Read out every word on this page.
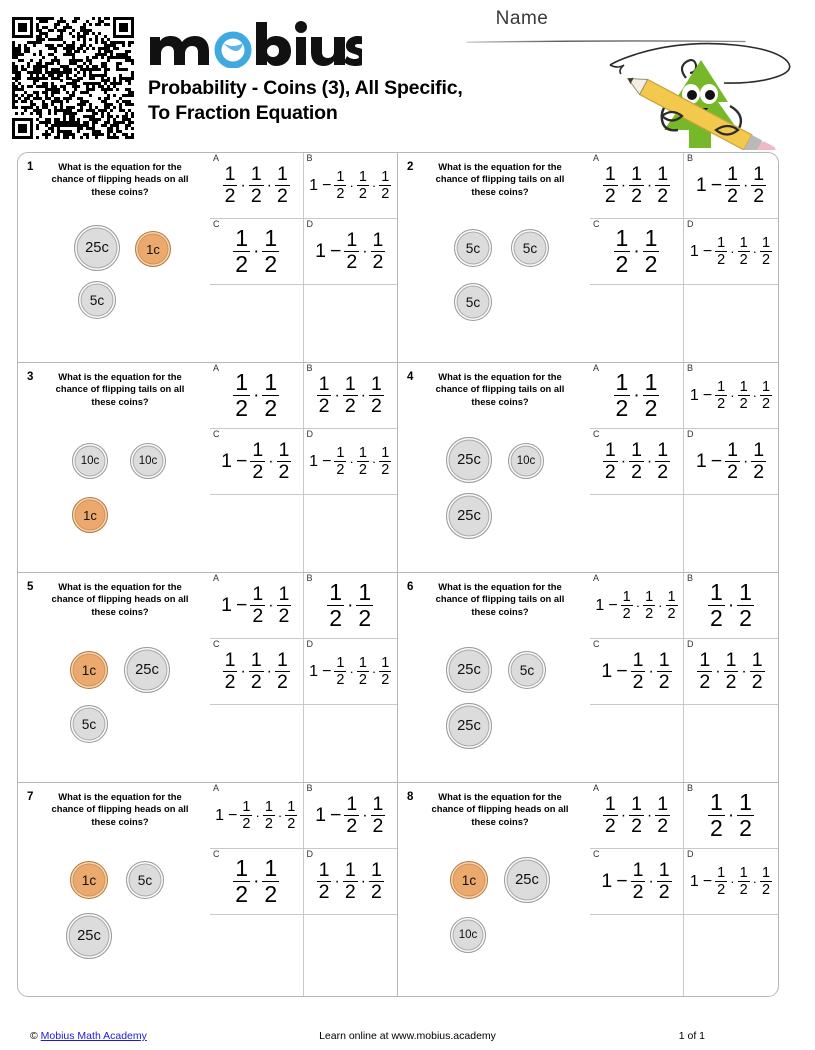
Probability - Coins (3), All Specific, To Fraction Equation
Name
1	What is the equation for the chance of flipping heads on all these coins?
25c	1c
5c
A
$\frac{1}{2} \cdot \frac{1}{2} \cdot \frac{1}{2}$
B
$1 - \frac{1}{2} \cdot \frac{1}{2} \cdot \frac{1}{2}$
C
$\frac{1}{2} \cdot \frac{1}{2}$
D
$1 - \frac{1}{2} \cdot \frac{1}{2}$
2	What is the equation for the chance of flipping tails on all these coins?
5c	5c
5c
A
$\frac{1}{2} \cdot \frac{1}{2} \cdot \frac{1}{2}$
B
$1 - \frac{1}{2} \cdot \frac{1}{2}$
C
$\frac{1}{2} \cdot \frac{1}{2}$
D
$1 - \frac{1}{2} \cdot \frac{1}{2} \cdot \frac{1}{2}$
3	What is the equation for the chance of flipping tails on all these coins?
10c	10c
1c
A
$\frac{1}{2} \cdot \frac{1}{2}$
B
$\frac{1}{2} \cdot \frac{1}{2} \cdot \frac{1}{2}$
C
$1 - \frac{1}{2} \cdot \frac{1}{2}$
D
$1 - \frac{1}{2} \cdot \frac{1}{2} \cdot \frac{1}{2}$
4	What is the equation for the chance of flipping tails on all these coins?
25c	10c
25c
A
$\frac{1}{2} \cdot \frac{1}{2}$
B
$1 - \frac{1}{2} \cdot \frac{1}{2} \cdot \frac{1}{2}$
C
$\frac{1}{2} \cdot \frac{1}{2} \cdot \frac{1}{2}$
D
$1 - \frac{1}{2} \cdot \frac{1}{2}$
5	What is the equation for the chance of flipping heads on all these coins?
1c	25c
5c
A
$1 - \frac{1}{2} \cdot \frac{1}{2}$
B
$\frac{1}{2} \cdot \frac{1}{2}$
C
$\frac{1}{2} \cdot \frac{1}{2} \cdot \frac{1}{2}$
D
$1 - \frac{1}{2} \cdot \frac{1}{2} \cdot \frac{1}{2}$
6	What is the equation for the chance of flipping tails on all these coins?
25c	5c
25c
A
$1 - \frac{1}{2} \cdot \frac{1}{2} \cdot \frac{1}{2}$
B
$\frac{1}{2} \cdot \frac{1}{2}$
C
$1 - \frac{1}{2} \cdot \frac{1}{2}$
D
$\frac{1}{2} \cdot \frac{1}{2} \cdot \frac{1}{2}$
7	What is the equation for the chance of flipping heads on all these coins?
1c	5c
25c
A
$1 - \frac{1}{2} \cdot \frac{1}{2} \cdot \frac{1}{2}$
B
$1 - \frac{1}{2} \cdot \frac{1}{2}$
C
$\frac{1}{2} \cdot \frac{1}{2}$
D
$\frac{1}{2} \cdot \frac{1}{2} \cdot \frac{1}{2}$
8	What is the equation for the chance of flipping heads on all these coins?
1c	25c
10c
A
$\frac{1}{2} \cdot \frac{1}{2} \cdot \frac{1}{2}$
B
$\frac{1}{2} \cdot \frac{1}{2}$
C
$1 - \frac{1}{2} \cdot \frac{1}{2}$
D
$1 - \frac{1}{2} \cdot \frac{1}{2} \cdot \frac{1}{2}$
© Mobius Math Academy	Learn online at www.mobius.academy	1 of 1
